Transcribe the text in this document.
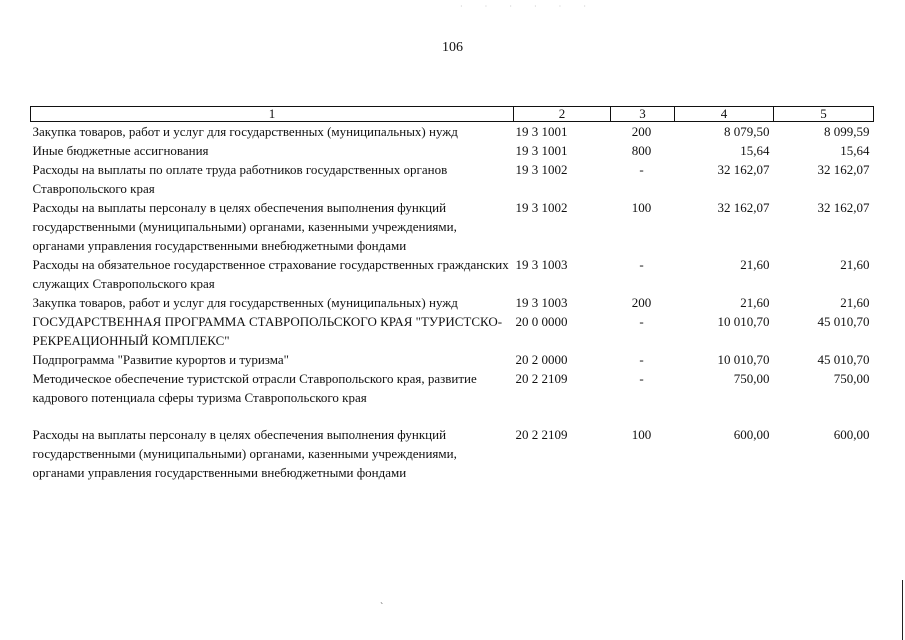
· · · · · ·
106
1	2	3	4	5
Закупка товаров, работ и услуг для государственных (муниципальных) нужд	19 3 1001	200	8 079,50	8 099,59
Иные бюджетные ассигнования	19 3 1001	800	15,64	15,64
Расходы на выплаты по оплате труда работников государственных органов Ставропольского края	19 3 1002	-	32 162,07	32 162,07
Расходы на выплаты персоналу в целях обеспечения выполнения функций государственными (муниципальными) органами, казенными учреждениями, органами управления государственными внебюджетными фондами	19 3 1002	100	32 162,07	32 162,07
Расходы на обязательное государственное страхование государственных гражданских служащих Ставропольского края	19 3 1003	-	21,60	21,60
Закупка товаров, работ и услуг для государственных (муниципальных) нужд	19 3 1003	200	21,60	21,60
ГОСУДАРСТВЕННАЯ ПРОГРАММА СТАВРОПОЛЬСКОГО КРАЯ "ТУРИСТСКО-РЕКРЕАЦИОННЫЙ КОМПЛЕКС"	20 0 0000	-	10 010,70	45 010,70
Подпрограмма "Развитие курортов и туризма"	20 2 0000	-	10 010,70	45 010,70
Методическое обеспечение туристской отрасли Ставропольского края, развитие кадрового потенциала сферы туризма Ставропольского края	20 2 2109	-	750,00	750,00

Расходы на выплаты персоналу в целях обеспечения выполнения функций государственными (муниципальными) органами, казенными учреждениями, органами управления государственными внебюджетными фондами	20 2 2109	100	600,00	600,00
`
